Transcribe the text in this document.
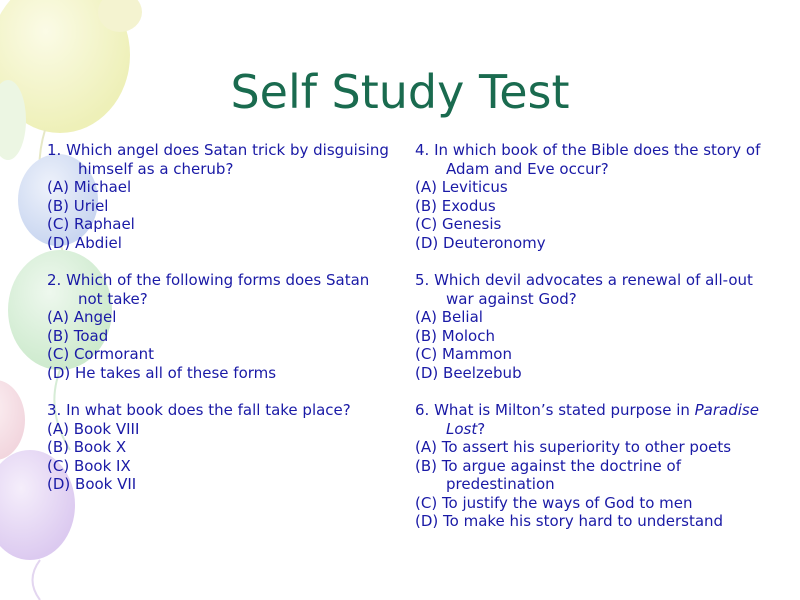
Self Study Test
1. Which angel does Satan trick by disguising himself as a cherub?
(A) Michael
(B) Uriel
(C) Raphael
(D) Abdiel
2. Which of the following forms does Satan not take?
(A) Angel
(B) Toad
(C) Cormorant
(D) He takes all of these forms
3. In what book does the fall take place?
(A) Book VIII
(B) Book X
(C) Book IX
(D) Book VII
4. In which book of the Bible does the story of Adam and Eve occur?
(A) Leviticus
(B) Exodus
(C) Genesis
(D) Deuteronomy
5. Which devil advocates a renewal of all-out war against God?
(A) Belial
(B) Moloch
(C) Mammon
(D) Beelzebub
6. What is Milton’s stated purpose in Paradise Lost?
(A) To assert his superiority to other poets
(B) To argue against the doctrine of predestination
(C) To justify the ways of God to men
(D) To make his story hard to understand
